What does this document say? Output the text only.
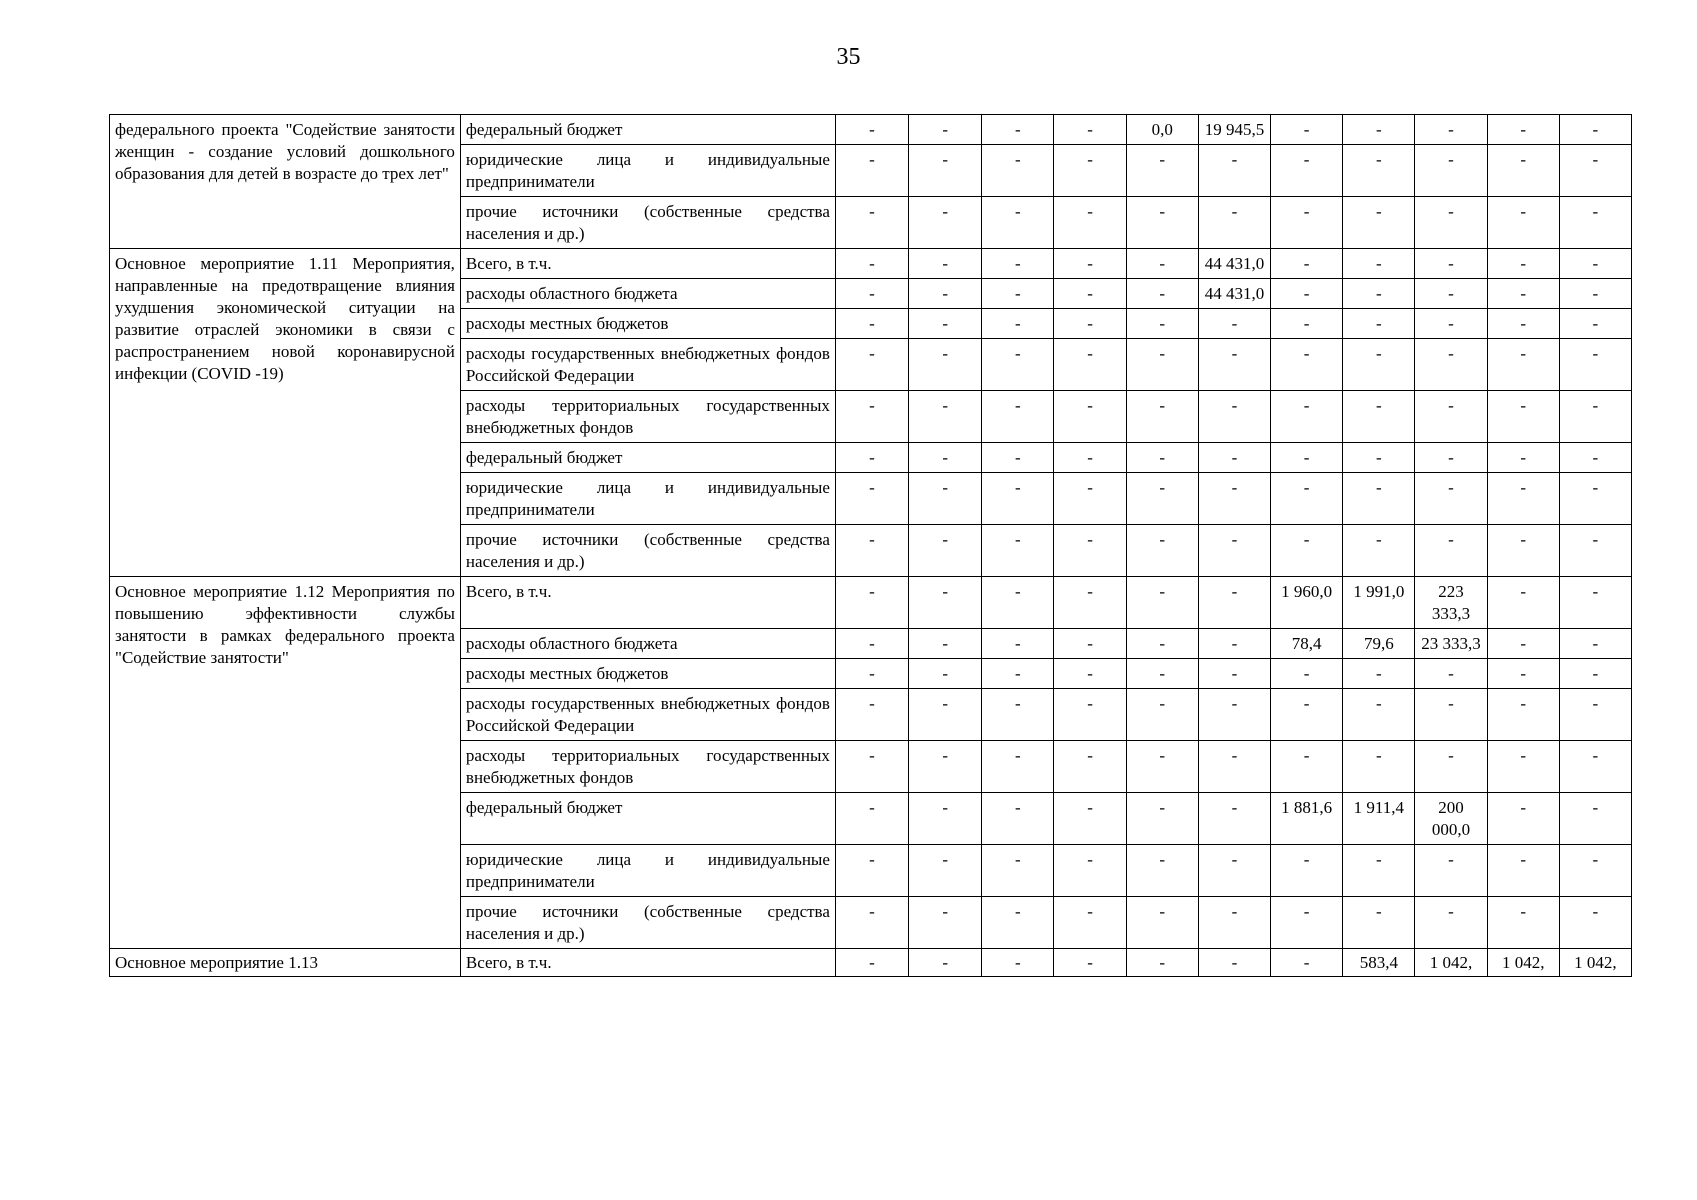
35
федерального проекта "Содействие занятости женщин - создание условий дошкольного образования для детей в возрасте до трех лет"	федеральный бюджет	-	-	-	-	0,0	19 945,5	-	-	-	-	-
	юридические лица и индивидуальные предприниматели	-	-	-	-	-	-	-	-	-	-	-
	прочие источники (собственные средства населения и др.)	-	-	-	-	-	-	-	-	-	-	-
Основное мероприятие 1.11 Мероприятия, направленные на предотвращение влияния ухудшения экономической ситуации на развитие отраслей экономики в связи с распространением новой коронавирусной инфекции (COVID -19)	Всего, в т.ч.	-	-	-	-	-	44 431,0	-	-	-	-	-
	расходы областного бюджета	-	-	-	-	-	44 431,0	-	-	-	-	-
	расходы местных бюджетов	-	-	-	-	-	-	-	-	-	-	-
	расходы государственных внебюджетных фондов Российской Федерации	-	-	-	-	-	-	-	-	-	-	-
	расходы территориальных государственных внебюджетных фондов	-	-	-	-	-	-	-	-	-	-	-
	федеральный бюджет	-	-	-	-	-	-	-	-	-	-	-
	юридические лица и индивидуальные предприниматели	-	-	-	-	-	-	-	-	-	-	-
	прочие источники (собственные средства населения и др.)	-	-	-	-	-	-	-	-	-	-	-
Основное мероприятие 1.12 Мероприятия по повышению эффективности службы занятости в рамках федерального проекта "Содействие занятости"	Всего, в т.ч.	-	-	-	-	-	-	1 960,0	1 991,0	223 333,3	-	-
	расходы областного бюджета	-	-	-	-	-	-	78,4	79,6	23 333,3	-	-
	расходы местных бюджетов	-	-	-	-	-	-	-	-	-	-	-
	расходы государственных внебюджетных фондов Российской Федерации	-	-	-	-	-	-	-	-	-	-	-
	расходы территориальных государственных внебюджетных фондов	-	-	-	-	-	-	-	-	-	-	-
	федеральный бюджет	-	-	-	-	-	-	1 881,6	1 911,4	200 000,0	-	-
	юридические лица и индивидуальные предприниматели	-	-	-	-	-	-	-	-	-	-	-
	прочие источники (собственные средства населения и др.)	-	-	-	-	-	-	-	-	-	-	-
Основное мероприятие 1.13	Всего, в т.ч.	-	-	-	-	-	-	-	583,4	1 042,	1 042,	1 042,
